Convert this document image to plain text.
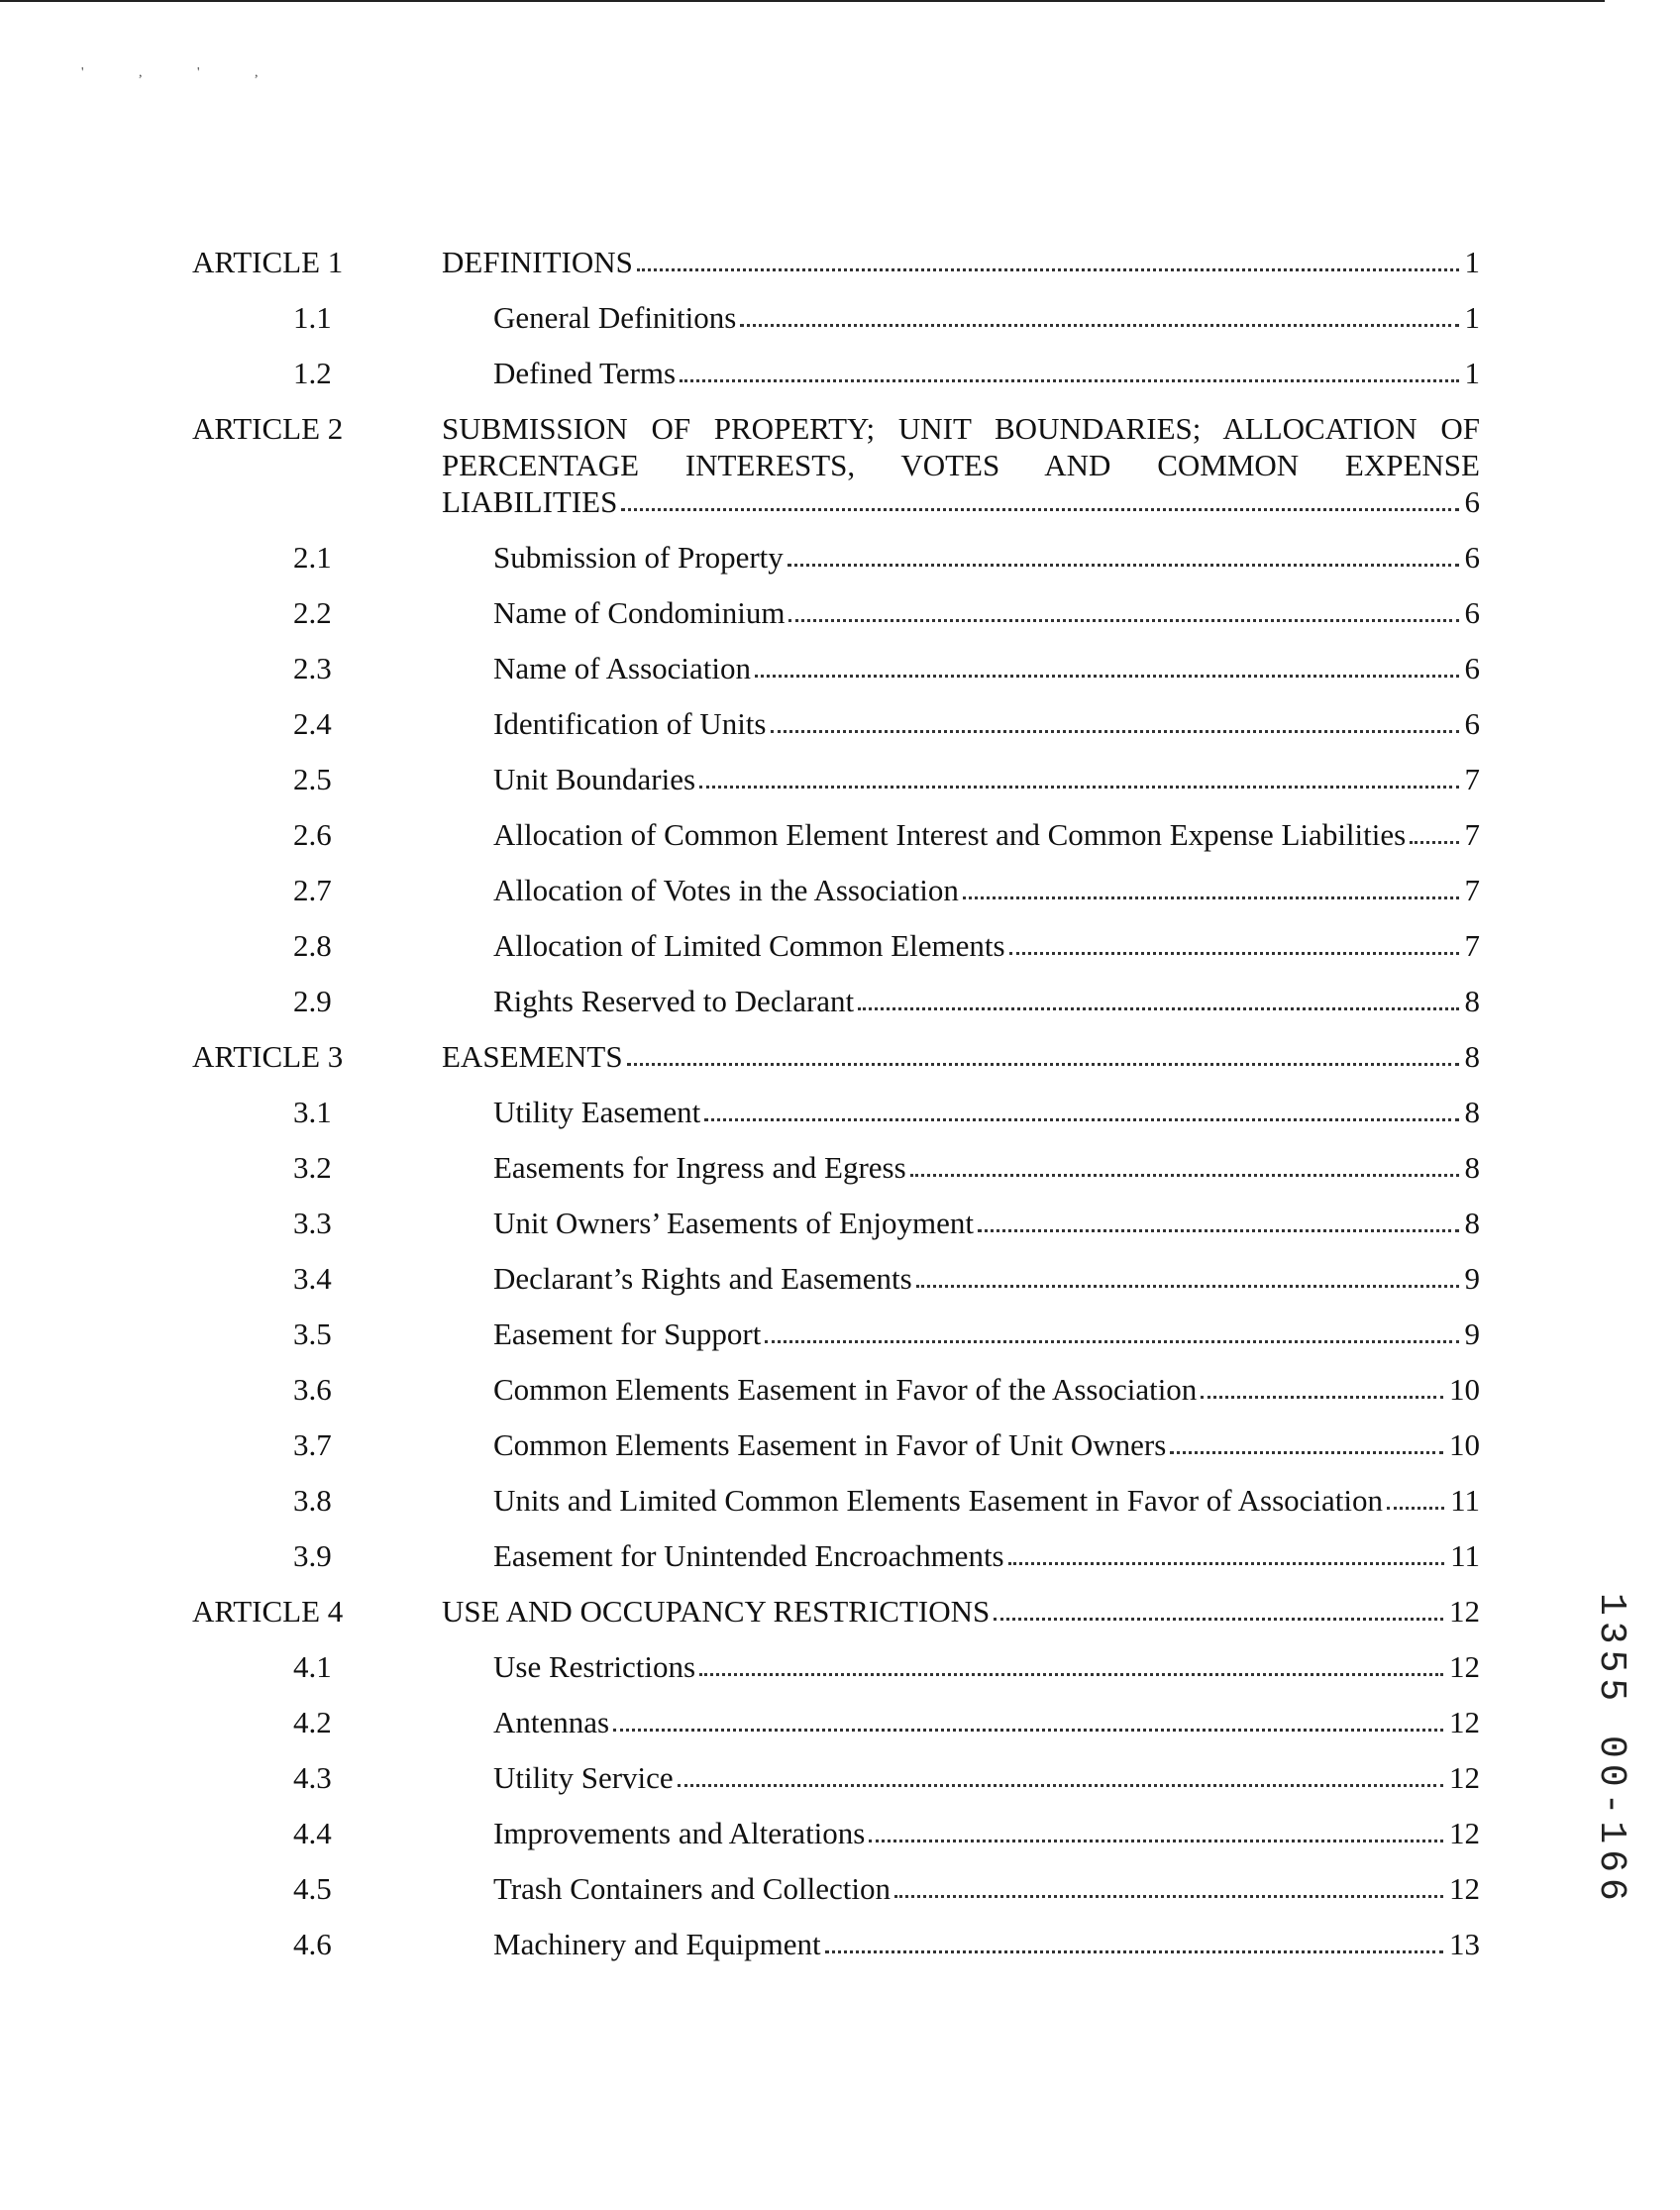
' , ' ,
ARTICLE 1	DEFINITIONS	1
1.1	General Definitions	1
1.2	Defined Terms	1
ARTICLE 2	SUBMISSION OF PROPERTY; UNIT BOUNDARIES; ALLOCATION OF
PERCENTAGE INTERESTS, VOTES AND COMMON EXPENSE
LIABILITIES	6
2.1	Submission of Property	6
2.2	Name of Condominium	6
2.3	Name of Association	6
2.4	Identification of Units	6
2.5	Unit Boundaries	7
2.6	Allocation of Common Element Interest and Common Expense Liabilities 7
2.7	Allocation of Votes in the Association	7
2.8	Allocation of Limited Common Elements	7
2.9	Rights Reserved to Declarant	8
ARTICLE 3	EASEMENTS	8
3.1	Utility Easement	8
3.2	Easements for Ingress and Egress	8
3.3	Unit Owners’ Easements of Enjoyment	8
3.4	Declarant’s Rights and Easements	9
3.5	Easement for Support	9
3.6	Common Elements Easement in Favor of the Association	10
3.7	Common Elements Easement in Favor of Unit Owners	10
3.8	Units and Limited Common Elements Easement in Favor of Association 11
3.9	Easement for Unintended Encroachments	11
ARTICLE 4	USE AND OCCUPANCY RESTRICTIONS	12
4.1	Use Restrictions	12
4.2	Antennas	12
4.3	Utility Service	12
4.4	Improvements and Alterations	12
4.5	Trash Containers and Collection	12
4.6	Machinery and Equipment	13
1355 00-166
